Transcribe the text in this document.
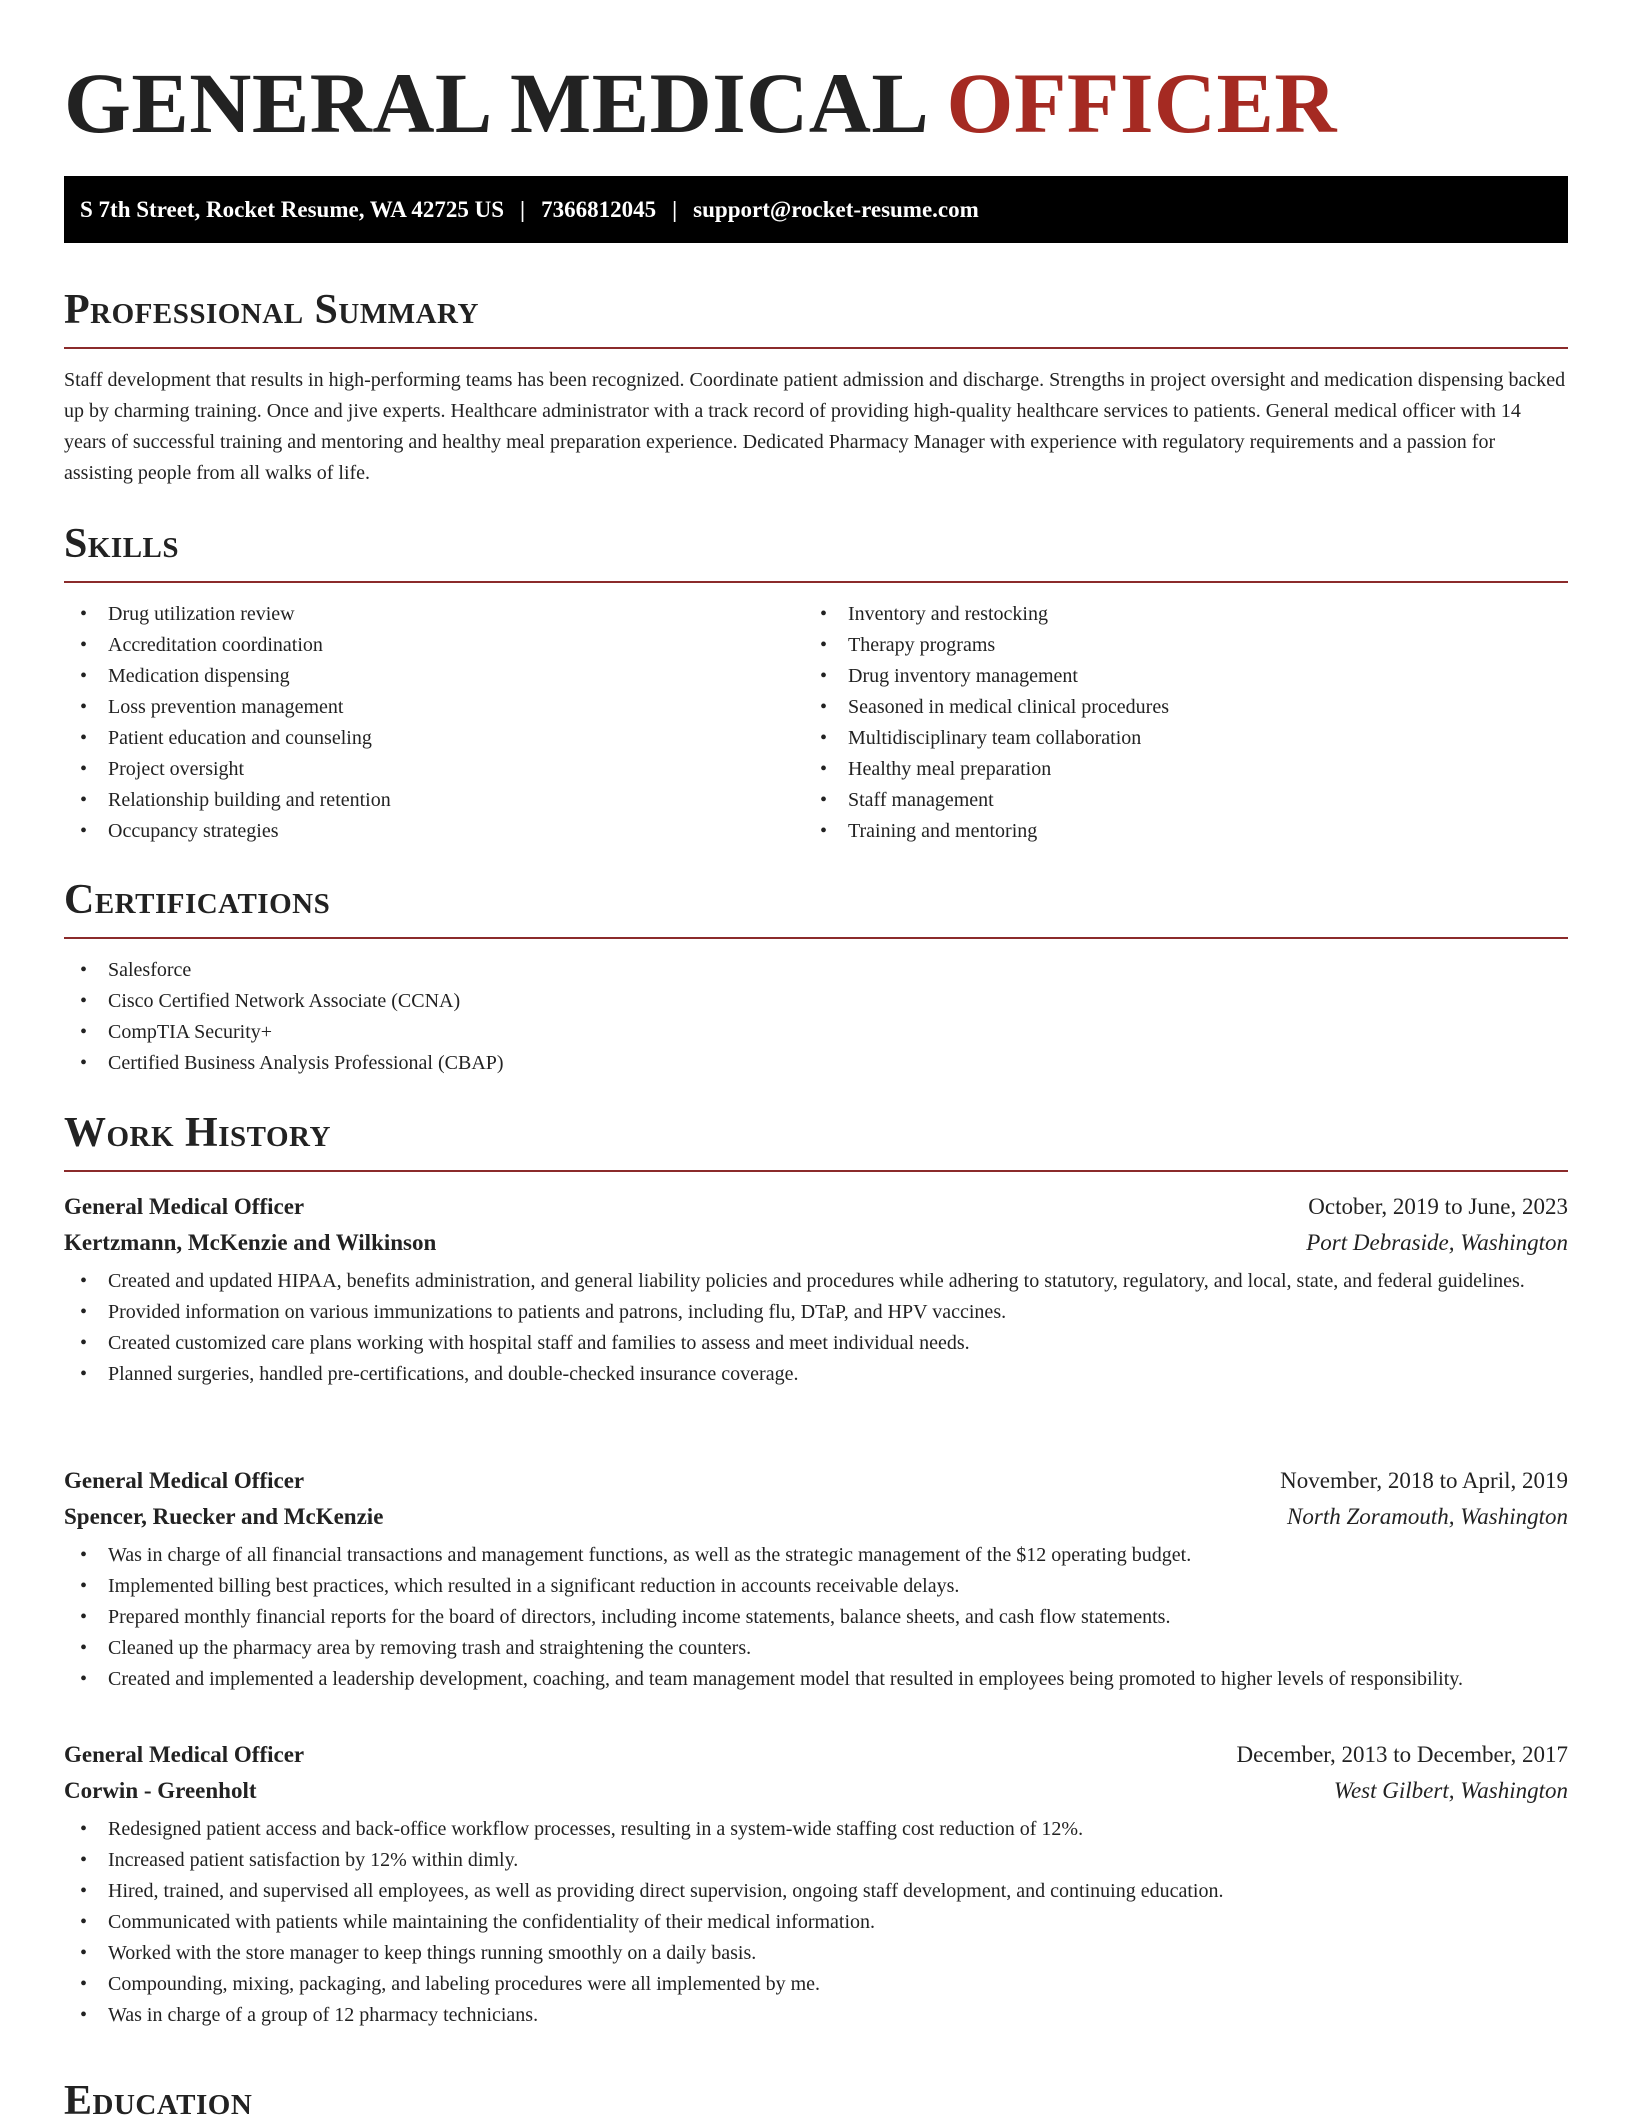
GENERAL MEDICAL OFFICER
S 7th Street, Rocket Resume, WA 42725 US | 7366812045 | support@rocket-resume.com
Professional Summary

Staff development that results in high-performing teams has been recognized. Coordinate patient admission and discharge. Strengths in project oversight and medication dispensing backed up by charming training. Once and jive experts. Healthcare administrator with a track record of providing high-quality healthcare services to patients. General medical officer with 14 years of successful training and mentoring and healthy meal preparation experience. Dedicated Pharmacy Manager with experience with regulatory requirements and a passion for assisting people from all walks of life.

Skills
• Drug utilization review
• Accreditation coordination
• Medication dispensing
• Loss prevention management
• Patient education and counseling
• Project oversight
• Relationship building and retention
• Occupancy strategies
• Inventory and restocking
• Therapy programs
• Drug inventory management
• Seasoned in medical clinical procedures
• Multidisciplinary team collaboration
• Healthy meal preparation
• Staff management
• Training and mentoring
Certifications
• Salesforce
• Cisco Certified Network Associate (CCNA)
• CompTIA Security+
• Certified Business Analysis Professional (CBAP)
Work History
General Medical Officer	October, 2019 to June, 2023
Kertzmann, McKenzie and Wilkinson	Port Debraside, Washington
• Created and updated HIPAA, benefits administration, and general liability policies and procedures while adhering to statutory, regulatory, and local, state, and federal guidelines.
• Provided information on various immunizations to patients and patrons, including flu, DTaP, and HPV vaccines.
• Created customized care plans working with hospital staff and families to assess and meet individual needs.
• Planned surgeries, handled pre-certifications, and double-checked insurance coverage.
General Medical Officer	November, 2018 to April, 2019
Spencer, Ruecker and McKenzie	North Zoramouth, Washington
• Was in charge of all financial transactions and management functions, as well as the strategic management of the $12 operating budget.
• Implemented billing best practices, which resulted in a significant reduction in accounts receivable delays.
• Prepared monthly financial reports for the board of directors, including income statements, balance sheets, and cash flow statements.
• Cleaned up the pharmacy area by removing trash and straightening the counters.
• Created and implemented a leadership development, coaching, and team management model that resulted in employees being promoted to higher levels of responsibility.
General Medical Officer	December, 2013 to December, 2017
Corwin - Greenholt	West Gilbert, Washington
• Redesigned patient access and back-office workflow processes, resulting in a system-wide staffing cost reduction of 12%.
• Increased patient satisfaction by 12% within dimly.
• Hired, trained, and supervised all employees, as well as providing direct supervision, ongoing staff development, and continuing education.
• Communicated with patients while maintaining the confidentiality of their medical information.
• Worked with the store manager to keep things running smoothly on a daily basis.
• Compounding, mixing, packaging, and labeling procedures were all implemented by me.
• Was in charge of a group of 12 pharmacy technicians.
Education
